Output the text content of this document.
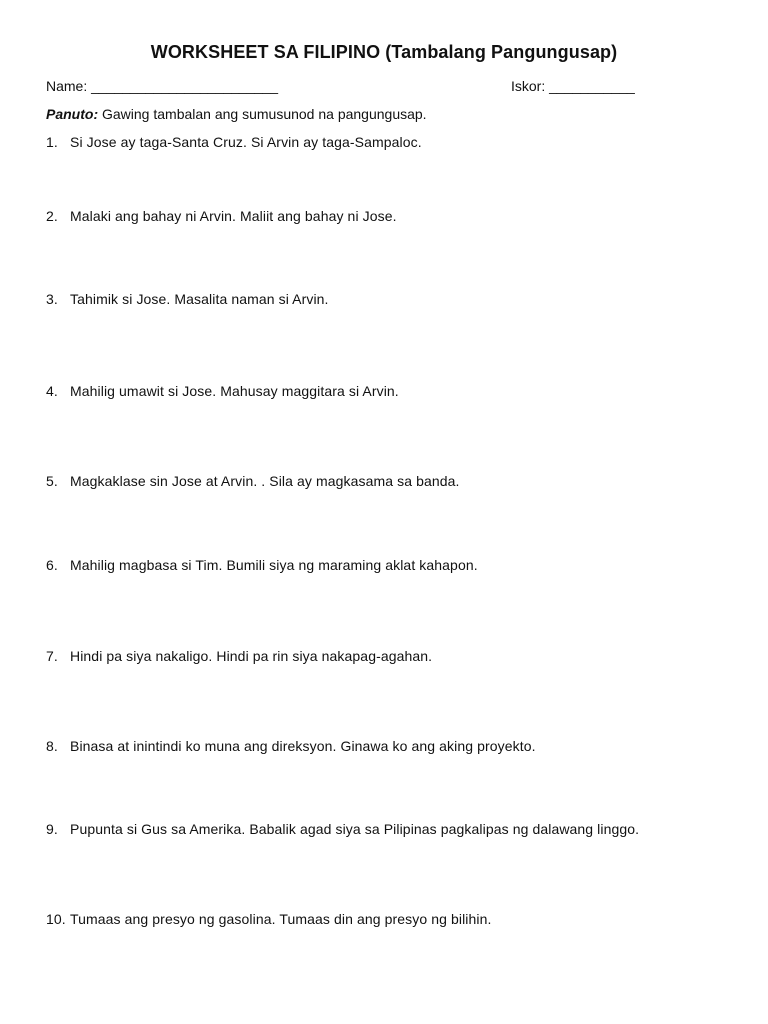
WORKSHEET SA FILIPINO (Tambalang Pangungusap)
Name: ________________________	Iskor: ___________
Panuto: Gawing tambalan ang sumusunod na pangungusap.
1. Si Jose ay taga-Santa Cruz. Si Arvin ay taga-Sampaloc.
2. Malaki ang bahay ni Arvin. Maliit ang bahay ni Jose.
3. Tahimik si Jose. Masalita naman si Arvin.
4. Mahilig umawit si Jose. Mahusay maggitara si Arvin.
5. Magkaklase sin Jose at Arvin. . Sila ay magkasama sa banda.
6. Mahilig magbasa si Tim. Bumili siya ng maraming aklat kahapon.
7. Hindi pa siya nakaligo. Hindi pa rin siya nakapag-agahan.
8. Binasa at inintindi ko muna ang direksyon. Ginawa ko ang aking proyekto.
9. Pupunta si Gus sa Amerika. Babalik agad siya sa Pilipinas pagkalipas ng dalawang linggo.
10. Tumaas ang presyo ng gasolina. Tumaas din ang presyo ng bilihin.
